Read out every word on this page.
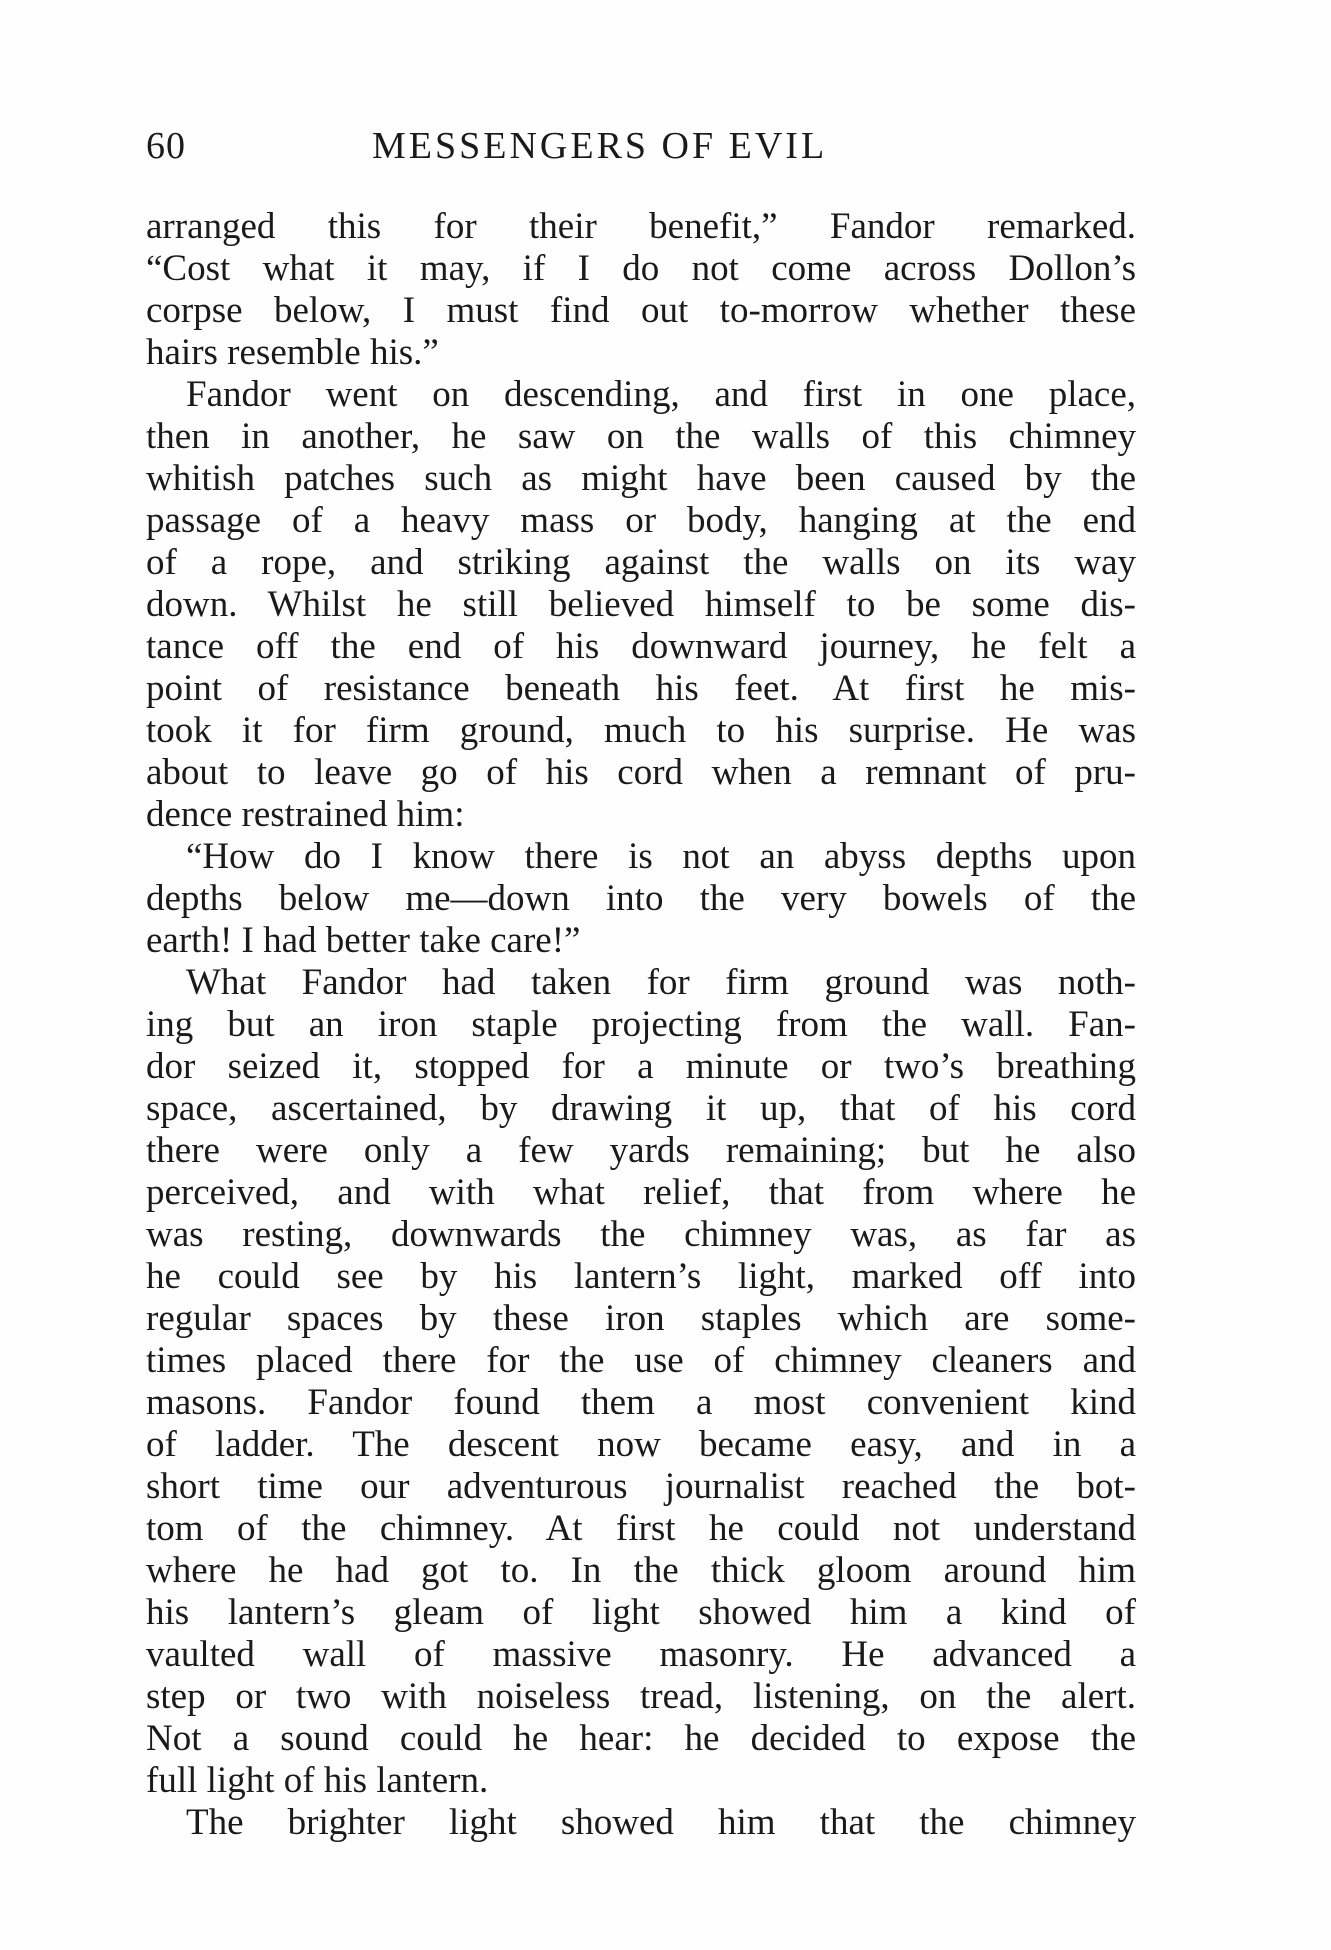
60	MESSENGERS OF EVIL
arranged this for their benefit,” Fandor remarked.
“Cost what it may, if I do not come across Dollon’s
corpse below, I must find out to-morrow whether these
hairs resemble his.”
Fandor went on descending, and first in one place,
then in another, he saw on the walls of this chimney
whitish patches such as might have been caused by the
passage of a heavy mass or body, hanging at the end
of a rope, and striking against the walls on its way
down. Whilst he still believed himself to be some dis-
tance off the end of his downward journey, he felt a
point of resistance beneath his feet. At first he mis-
took it for firm ground, much to his surprise. He was
about to leave go of his cord when a remnant of pru-
dence restrained him:
“How do I know there is not an abyss depths upon
depths below me—down into the very bowels of the
earth! I had better take care!”
What Fandor had taken for firm ground was noth-
ing but an iron staple projecting from the wall. Fan-
dor seized it, stopped for a minute or two’s breathing
space, ascertained, by drawing it up, that of his cord
there were only a few yards remaining; but he also
perceived, and with what relief, that from where he
was resting, downwards the chimney was, as far as
he could see by his lantern’s light, marked off into
regular spaces by these iron staples which are some-
times placed there for the use of chimney cleaners and
masons. Fandor found them a most convenient kind
of ladder. The descent now became easy, and in a
short time our adventurous journalist reached the bot-
tom of the chimney. At first he could not understand
where he had got to. In the thick gloom around him
his lantern’s gleam of light showed him a kind of
vaulted wall of massive masonry. He advanced a
step or two with noiseless tread, listening, on the alert.
Not a sound could he hear: he decided to expose the
full light of his lantern.
The brighter light showed him that the chimney
